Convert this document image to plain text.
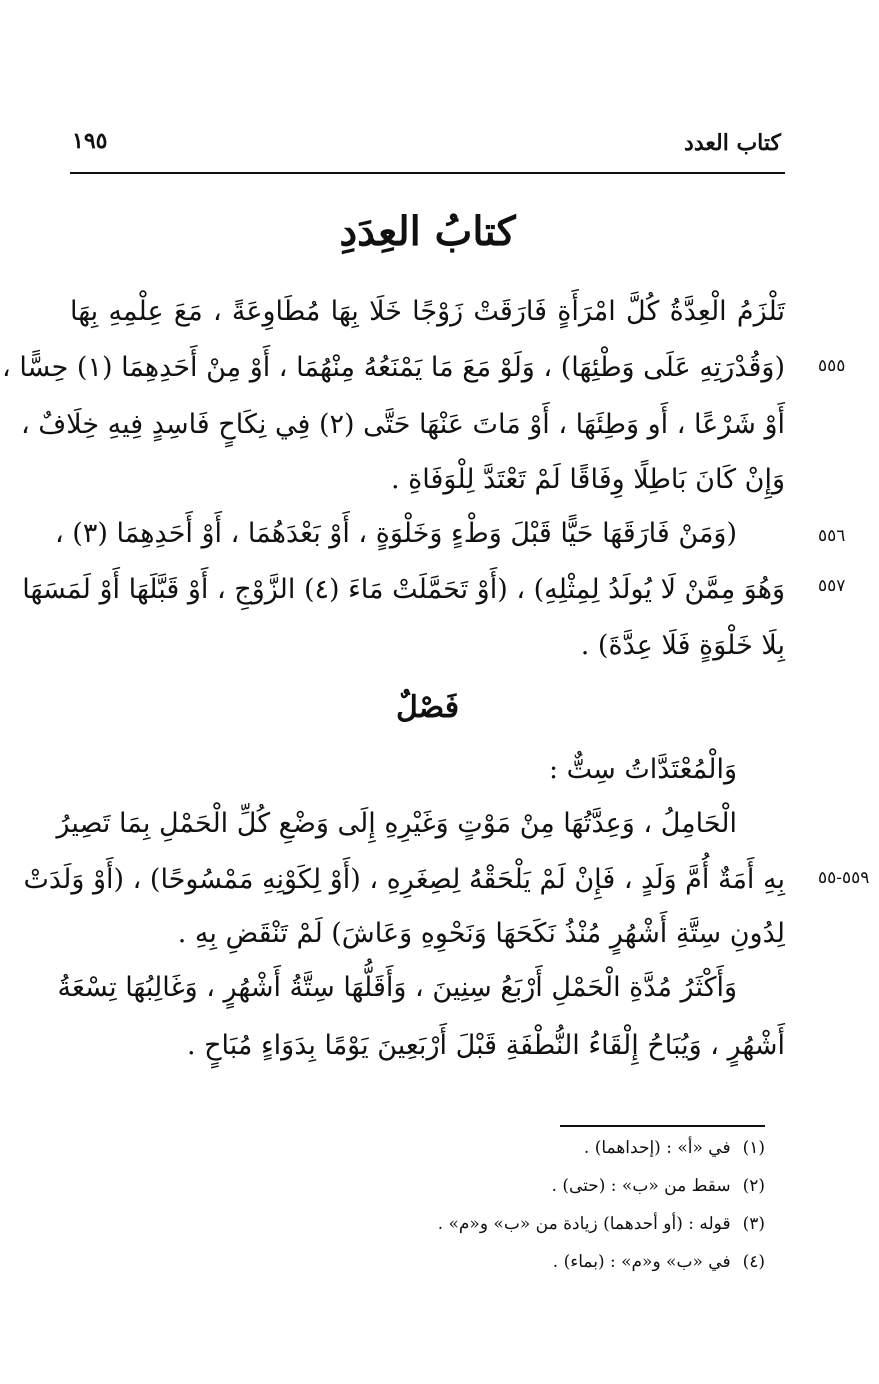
كتاب العدد
١٩٥
كتابُ العِدَدِ
تَلْزَمُ الْعِدَّةُ كُلَّ امْرَأَةٍ فَارَقَتْ زَوْجًا خَلَا بِهَا مُطَاوِعَةً ، مَعَ عِلْمِهِ بِهَا
(وَقُدْرَتِهِ عَلَى وَطْئِهَا) ، وَلَوْ مَعَ مَا يَمْنَعُهُ مِنْهُمَا ، أَوْ مِنْ أَحَدِهِمَا (١) حِسًّا ،
أَوْ شَرْعًا ، أَو وَطِئَهَا ، أَوْ مَاتَ عَنْهَا حَتَّى (٢) فِي نِكَاحٍ فَاسِدٍ فِيهِ خِلَافٌ ،
وَإِنْ كَانَ بَاطِلًا وِفَاقًا لَمْ تَعْتَدَّ لِلْوَفَاةِ .
(وَمَنْ فَارَقَهَا حَيًّا قَبْلَ وَطْءٍ وَخَلْوَةٍ ، أَوْ بَعْدَهُمَا ، أَوْ أَحَدِهِمَا (٣) ،
وَهُوَ مِمَّنْ لَا يُولَدُ لِمِثْلِهِ) ، (أَوْ تَحَمَّلَتْ مَاءَ (٤) الزَّوْجِ ، أَوْ قَبَّلَهَا أَوْ لَمَسَهَا
بِلَا خَلْوَةٍ فَلَا عِدَّةَ) .
فَصْلٌ
وَالْمُعْتَدَّاتُ سِتٌّ :
الْحَامِلُ ، وَعِدَّتُهَا مِنْ مَوْتٍ وَغَيْرِهِ إِلَى وَضْعِ كُلِّ الْحَمْلِ بِمَا تَصِيرُ
بِهِ أَمَةٌ أُمَّ وَلَدٍ ، فَإِنْ لَمْ يَلْحَقْهُ لِصِغَرِهِ ، (أَوْ لِكَوْنِهِ مَمْسُوحًا) ، (أَوْ وَلَدَتْ
لِدُونِ سِتَّةِ أَشْهُرٍ مُنْذُ نَكَحَهَا وَنَحْوِهِ وَعَاشَ) لَمْ تَنْقَضِ بِهِ .
وَأَكْثَرُ مُدَّةِ الْحَمْلِ أَرْبَعُ سِنِينَ ، وَأَقَلُّهَا سِتَّةُ أَشْهُرٍ ، وَغَالِبُهَا تِسْعَةُ
أَشْهُرٍ ، وَيُبَاحُ إِلْقَاءُ النُّطْفَةِ قَبْلَ أَرْبَعِينَ يَوْمًا بِدَوَاءٍ مُبَاحٍ .
٥٥٥
٥٥٦
٥٥٧
٥٥٩-٥٥
(١)في «أ» : (إحداهما) .
(٢)سقط من «ب» : (حتى) .
(٣)قوله : (أو أحدهما) زيادة من «ب» و«م» .
(٤)في «ب» و«م» : (بماء) .
